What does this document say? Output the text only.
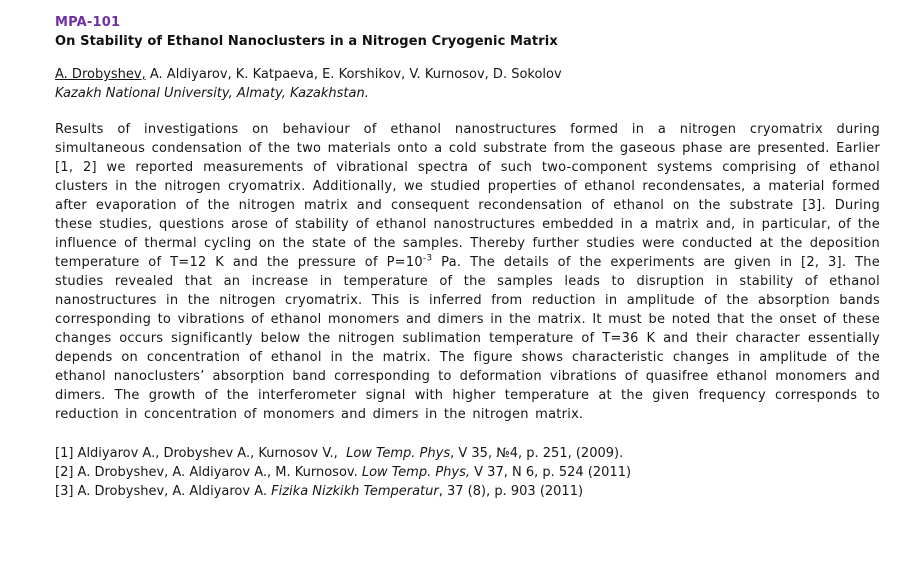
MPA-101
On Stability of Ethanol Nanoclusters in a Nitrogen Cryogenic Matrix
A. Drobyshev, A. Aldiyarov, K. Katpaeva, E. Korshikov, V. Kurnosov, D. Sokolov
Kazakh National University, Almaty, Kazakhstan.

Results of investigations on behaviour of ethanol nanostructures formed in a nitrogen cryomatrix during simultaneous condensation of the two materials onto a cold substrate from the gaseous phase are presented. Earlier [1, 2] we reported measurements of vibrational spectra of such two-component systems comprising of ethanol clusters in the nitrogen cryomatrix. Additionally, we studied properties of ethanol recondensates, a material formed after evaporation of the nitrogen matrix and consequent recondensation of ethanol on the substrate [3]. During these studies, questions arose of stability of ethanol nanostructures embedded in a matrix and, in particular, of the influence of thermal cycling on the state of the samples. Thereby further studies were conducted at the deposition temperature of T=12 K and the pressure of $P=10^{-3}$ Pa. The details of the experiments are given in [2, 3]. The studies revealed that an increase in temperature of the samples leads to disruption in stability of ethanol nanostructures in the nitrogen cryomatrix. This is inferred from reduction in amplitude of the absorption bands corresponding to vibrations of ethanol monomers and dimers in the matrix. It must be noted that the onset of these changes occurs significantly below the nitrogen sublimation temperature of T=36 K and their character essentially depends on concentration of ethanol in the matrix. The figure shows characteristic changes in amplitude of the ethanol nanoclusters’ absorption band corresponding to deformation vibrations of quasifree ethanol monomers and dimers. The growth of the interferometer signal with higher temperature at the given frequency corresponds to reduction in concentration of monomers and dimers in the nitrogen matrix.

[1] Aldiyarov A., Drobyshev A., Kurnosov V.,  Low Temp. Phys, V 35, №4, p. 251, (2009).
[2] A. Drobyshev, A. Aldiyarov A., M. Kurnosov. Low Temp. Phys, V 37, N 6, p. 524 (2011)
[3] A. Drobyshev, A. Aldiyarov A. Fizika Nizkikh Temperatur, 37 (8), p. 903 (2011)
